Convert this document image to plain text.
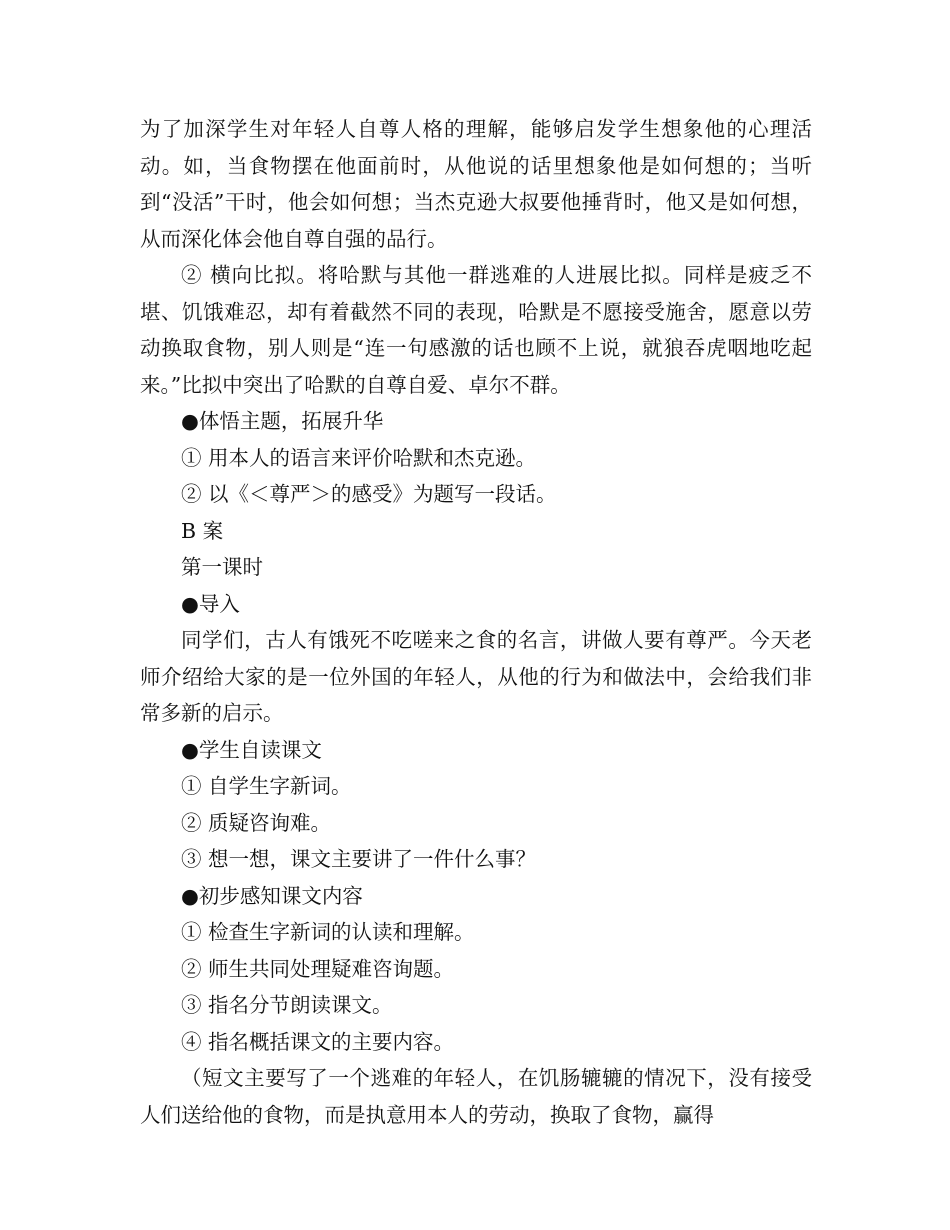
为了加深学生对年轻人自尊人格的理解，能够启发学生想象他的心理活动。如，当食物摆在他面前时，从他说的话里想象他是如何想的；当听到“没活”干时，他会如何想；当杰克逊大叔要他捶背时，他又是如何想，从而深化体会他自尊自强的品行。

② 横向比拟。将哈默与其他一群逃难的人进展比拟。同样是疲乏不堪、饥饿难忍，却有着截然不同的表现，哈默是不愿接受施舍，愿意以劳动换取食物，别人则是“连一句感激的话也顾不上说，就狼吞虎咽地吃起来。”比拟中突出了哈默的自尊自爱、卓尔不群。

●体悟主题，拓展升华

① 用本人的语言来评价哈默和杰克逊。

② 以《＜尊严＞的感受》为题写一段话。

B 案

第一课时

●导入

同学们，古人有饿死不吃嗟来之食的名言，讲做人要有尊严。今天老师介绍给大家的是一位外国的年轻人，从他的行为和做法中，会给我们非常多新的启示。

●学生自读课文

① 自学生字新词。

② 质疑咨询难。

③ 想一想，课文主要讲了一件什么事？

●初步感知课文内容

① 检查生字新词的认读和理解。

② 师生共同处理疑难咨询题。

③ 指名分节朗读课文。

④ 指名概括课文的主要内容。

（短文主要写了一个逃难的年轻人，在饥肠辘辘的情况下，没有接受人们送给他的食物，而是执意用本人的劳动，换取了食物，赢得
